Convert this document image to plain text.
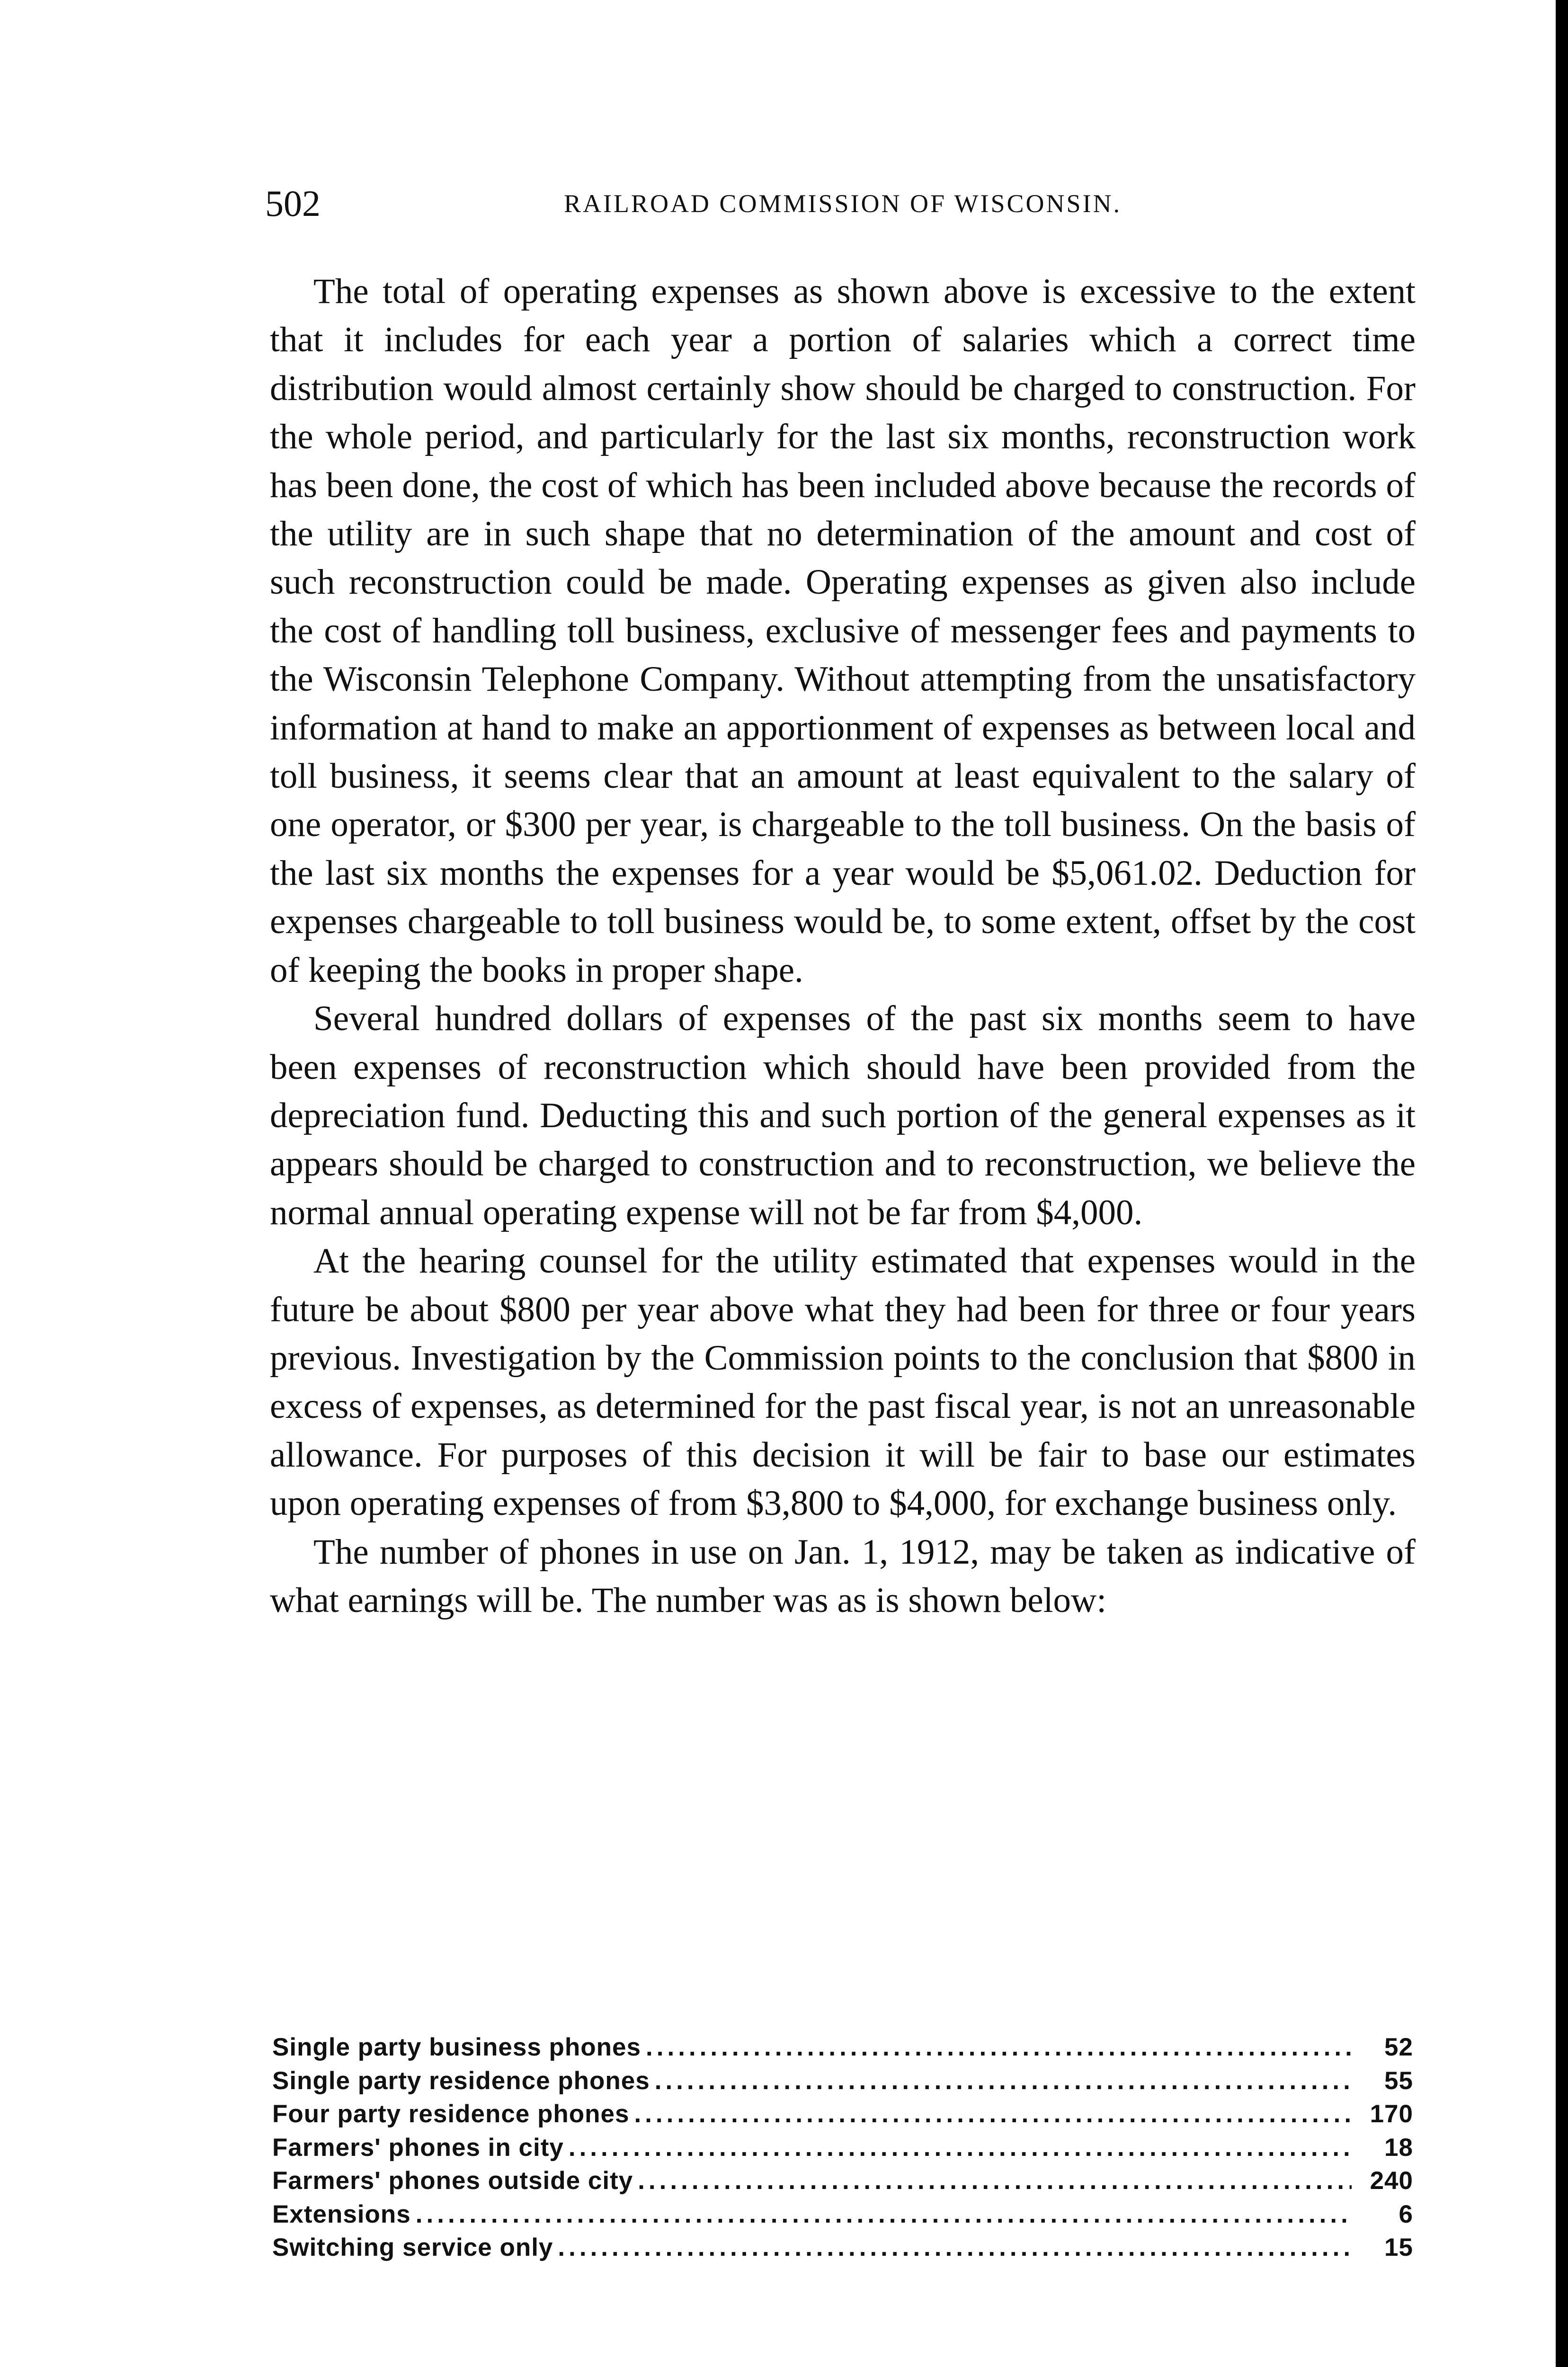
502	RAILROAD COMMISSION OF WISCONSIN.

The total of operating expenses as shown above is excessive to the extent that it includes for each year a portion of salaries which a correct time distribution would almost certainly show should be charged to construction. For the whole period, and particularly for the last six months, reconstruction work has been done, the cost of which has been included above because the records of the utility are in such shape that no determination of the amount and cost of such reconstruction could be made. Operating expenses as given also include the cost of handling toll business, exclusive of messenger fees and payments to the Wisconsin Telephone Company. Without attempting from the unsatisfactory information at hand to make an apportionment of expenses as between local and toll business, it seems clear that an amount at least equivalent to the salary of one operator, or $300 per year, is chargeable to the toll business. On the basis of the last six months the expenses for a year would be $5,061.02. Deduction for expenses chargeable to toll business would be, to some extent, offset by the cost of keeping the books in proper shape.

Several hundred dollars of expenses of the past six months seem to have been expenses of reconstruction which should have been provided from the depreciation fund. Deducting this and such portion of the general expenses as it appears should be charged to construction and to reconstruction, we believe the normal annual operating expense will not be far from $4,000.

At the hearing counsel for the utility estimated that expenses would in the future be about $800 per year above what they had been for three or four years previous. Investigation by the Commission points to the conclusion that $800 in excess of expenses, as determined for the past fiscal year, is not an unreasonable allowance. For purposes of this decision it will be fair to base our estimates upon operating expenses of from $3,800 to $4,000, for exchange business only.

The number of phones in use on Jan. 1, 1912, may be taken as indicative of what earnings will be. The number was as is shown below:

Single party business phones .....	52
Single party residence phones .....	55
Four party residence phones .....	170
Farmers' phones in city .....	18
Farmers' phones outside city .....	240
Extensions .....	6
Switching service only .....	15
